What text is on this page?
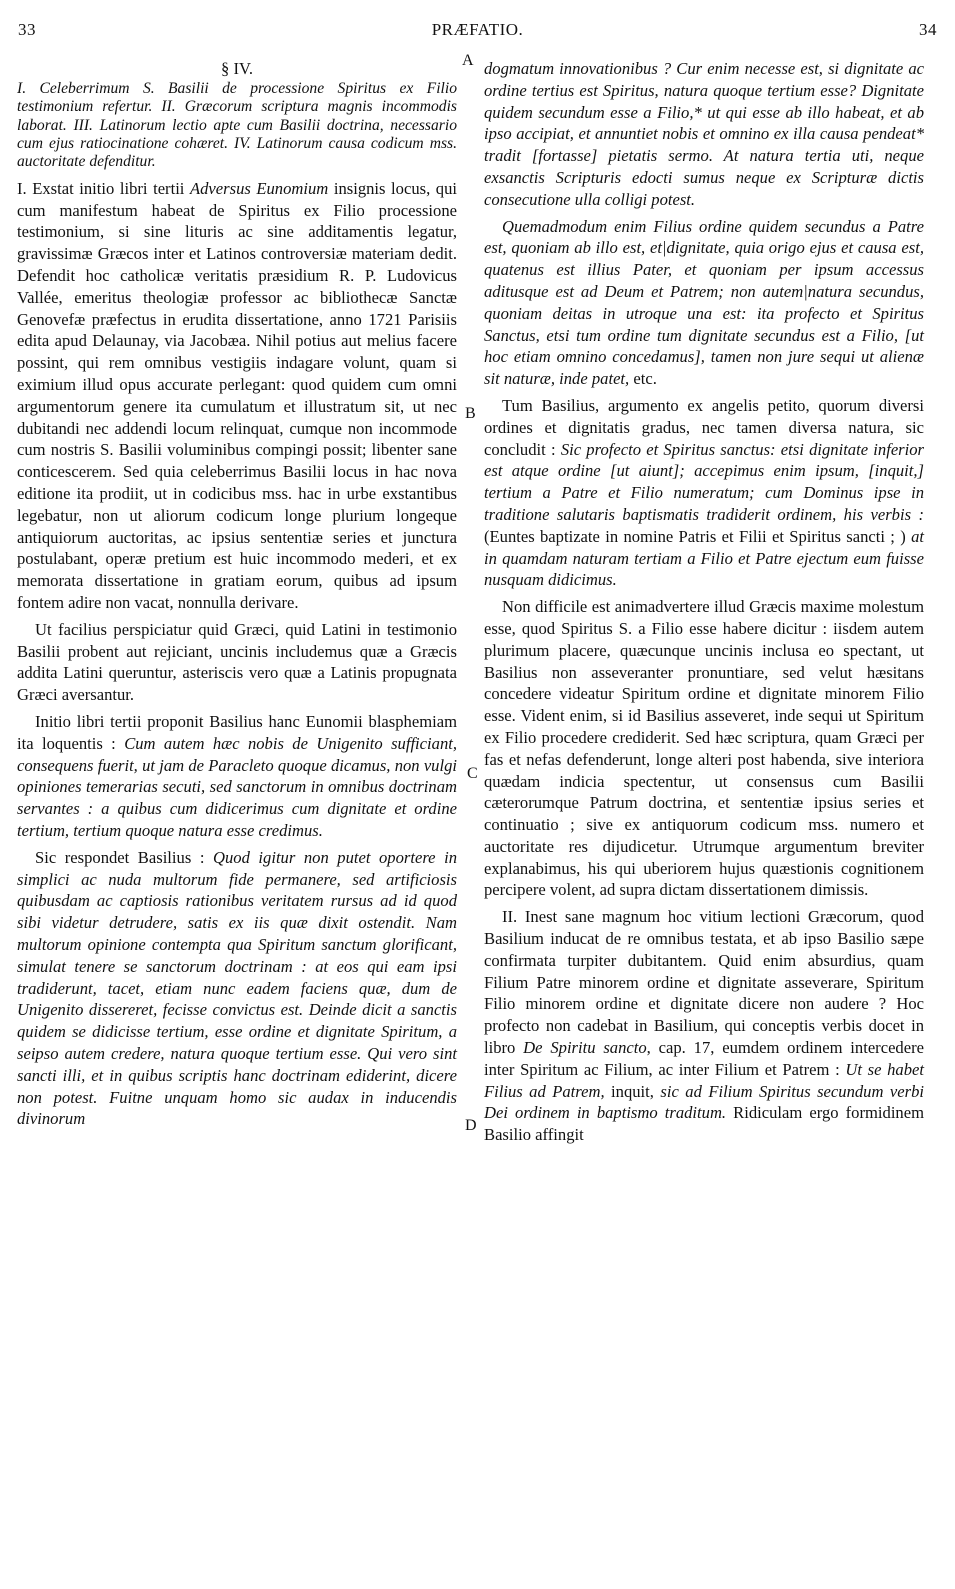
33	PRÆFATIO.	34
A
B
C
D
§ IV.
I. Celeberrimum S. Basilii de processione Spiritus ex Filio testimonium refertur. II. Græcorum scriptura magnis incommodis laborat. III. Latinorum lectio apte cum Basilii doctrina, necessario cum ejus ratiocinatione cohæret. IV. Latinorum causa codicum mss. auctoritate defenditur.

I. Exstat initio libri tertii Adversus Eunomium insignis locus, qui cum manifestum habeat de Spiritus ex Filio processione testimonium, si sine lituris ac sine additamentis legatur, gravissimæ Græcos inter et Latinos controversiæ materiam dedit. Defendit hoc catholicæ veritatis præsidium R. P. Ludovicus Vallée, emeritus theologiæ professor ac bibliothecæ Sanctæ Genovefæ præfectus in erudita dissertatione, anno 1721 Parisiis edita apud Delaunay, via Jacobæa. Nihil potius aut melius facere possint, qui rem omnibus vestigiis indagare volunt, quam si eximium illud opus accurate perlegant: quod quidem cum omni argumentorum genere ita cumulatum et illustratum sit, ut nec dubitandi nec addendi locum relinquat, cumque non incommode cum nostris S. Basilii voluminibus compingi possit; libenter sane conticescerem. Sed quia celeberrimus Basilii locus in hac nova editione ita prodiit, ut in codicibus mss. hac in urbe exstantibus legebatur, non ut aliorum codicum longe plurium longeque antiquiorum auctoritas, ac ipsius sententiæ series et junctura postulabant, operæ pretium est huic incommodo mederi, et ex memorata dissertatione in gratiam eorum, quibus ad ipsum fontem adire non vacat, nonnulla derivare.

Ut facilius perspiciatur quid Græci, quid Latini in testimonio Basilii probent aut rejiciant, uncinis includemus quæ a Græcis addita Latini queruntur, asteriscis vero quæ a Latinis propugnata Græci aversantur.

Initio libri tertii proponit Basilius hanc Eunomii blasphemiam ita loquentis : Cum autem hæc nobis de Unigenito sufficiant, consequens fuerit, ut jam de Paracleto quoque dicamus, non vulgi opiniones temerarias secuti, sed sanctorum in omnibus doctrinam servantes : a quibus cum didicerimus cum dignitate et ordine tertium, tertium quoque natura esse credimus.

Sic respondet Basilius : Quod igitur non putet oportere in simplici ac nuda multorum fide permanere, sed artificiosis quibusdam ac captiosis rationibus veritatem rursus ad id quod sibi videtur detrudere, satis ex iis quæ dixit ostendit. Nam multorum opinione contempta qua Spiritum sanctum glorificant, simulat tenere se sanctorum doctrinam : at eos qui eam ipsi tradiderunt, tacet, etiam nunc eadem faciens quæ, dum de Unigenito dissereret, fecisse convictus est. Deinde dicit a sanctis quidem se didicisse tertium, esse ordine et dignitate Spiritum, a seipso autem credere, natura quoque tertium esse. Qui vero sint sancti illi, et in quibus scriptis hanc doctrinam ediderint, dicere non potest. Fuitne unquam homo sic audax in inducendis divinorum

dogmatum innovationibus ? Cur enim necesse est, si dignitate ac ordine tertius est Spiritus, natura quoque tertium esse? Dignitate quidem secundum esse a Filio,* ut qui esse ab illo habeat, et ab ipso accipiat, et annuntiet nobis et omnino ex illa causa pendeat* tradit [fortasse] pietatis sermo. At natura tertia uti, neque exsanctis Scripturis edocti sumus neque ex Scripturæ dictis consecutione ulla colligi potest.

Quemadmodum enim Filius ordine quidem secundus a Patre est, quoniam ab illo est, et|dignitate, quia origo ejus et causa est, quatenus est illius Pater, et quoniam per ipsum accessus aditusque est ad Deum et Patrem; non autem|natura secundus, quoniam deitas in utroque una est: ita profecto et Spiritus Sanctus, etsi tum ordine tum dignitate secundus est a Filio, [ut hoc etiam omnino concedamus], tamen non jure sequi ut alienæ sit naturæ, inde patet, etc.

Tum Basilius, argumento ex angelis petito, quorum diversi ordines et dignitatis gradus, nec tamen diversa natura, sic concludit : Sic profecto et Spiritus sanctus: etsi dignitate inferior est atque ordine [ut aiunt]; accepimus enim ipsum, [inquit,] tertium a Patre et Filio numeratum; cum Dominus ipse in traditione salutaris baptismatis tradiderit ordinem, his verbis : (Euntes baptizate in nomine Patris et Filii et Spiritus sancti ; ) at in quamdam naturam tertiam a Filio et Patre ejectum eum fuisse nusquam didicimus.

Non difficile est animadvertere illud Græcis maxime molestum esse, quod Spiritus S. a Filio esse habere dicitur : iisdem autem plurimum placere, quæcunque uncinis inclusa eo spectant, ut Basilius non asseveranter pronuntiare, sed velut hæsitans concedere videatur Spiritum ordine et dignitate minorem Filio esse. Vident enim, si id Basilius asseveret, inde sequi ut Spiritum ex Filio procedere crediderit. Sed hæc scriptura, quam Græci per fas et nefas defenderunt, longe alteri post habenda, sive interiora quædam indicia spectentur, ut consensus cum Basilii cæterorumque Patrum doctrina, et sententiæ ipsius series et continuatio ; sive ex antiquorum codicum mss. numero et auctoritate res dijudicetur. Utrumque argumentum breviter explanabimus, his qui uberiorem hujus quæstionis cognitionem percipere volent, ad supra dictam dissertationem dimissis.

II. Inest sane magnum hoc vitium lectioni Græcorum, quod Basilium inducat de re omnibus testata, et ab ipso Basilio sæpe confirmata turpiter dubitantem. Quid enim absurdius, quam Filium Patre minorem ordine et dignitate asseverare, Spiritum Filio minorem ordine et dignitate dicere non audere ? Hoc profecto non cadebat in Basilium, qui conceptis verbis docet in libro De Spiritu sancto, cap. 17, eumdem ordinem intercedere inter Spiritum ac Filium, ac inter Filium et Patrem : Ut se habet Filius ad Patrem, inquit, sic ad Filium Spiritus secundum verbi Dei ordinem in baptismo traditum. Ridiculam ergo formidinem Basilio affingit
